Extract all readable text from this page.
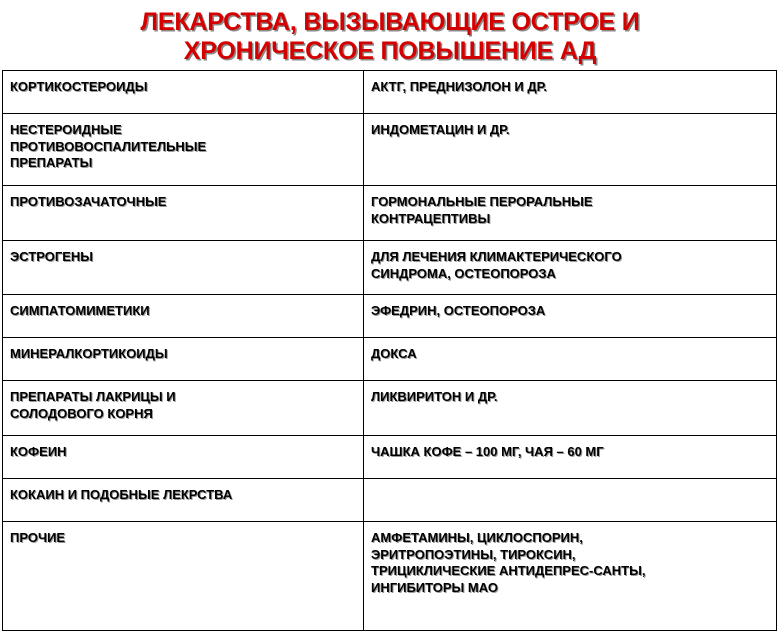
ЛЕКАРСТВА, ВЫЗЫВАЮЩИЕ ОСТРОЕ И
ХРОНИЧЕСКОЕ ПОВЫШЕНИЕ АД
КОРТИКОСТЕРОИДЫ	АКТГ, ПРЕДНИЗОЛОН И ДР.

НЕСТЕРОИДНЫЕ
ПРОТИВОВОСПАЛИТЕЛЬНЫЕ
ПРЕПАРАТЫ	ИНДОМЕТАЦИН И ДР.

ПРОТИВОЗАЧАТОЧНЫЕ	ГОРМОНАЛЬНЫЕ ПЕРОРАЛЬНЫЕ
КОНТРАЦЕПТИВЫ

ЭСТРОГЕНЫ	ДЛЯ ЛЕЧЕНИЯ КЛИМАКТЕРИЧЕСКОГО
СИНДРОМА, ОСТЕОПОРОЗА

СИМПАТОМИМЕТИКИ	ЭФЕДРИН, ОСТЕОПОРОЗА

МИНЕРАЛКОРТИКОИДЫ	ДОКСА

ПРЕПАРАТЫ ЛАКРИЦЫ И
СОЛОДОВОГО КОРНЯ	ЛИКВИРИТОН И ДР.

КОФЕИН	ЧАШКА КОФЕ – 100 МГ, ЧАЯ – 60 МГ

КОКАИН И ПОДОБНЫЕ ЛЕКРСТВА	

ПРОЧИЕ	АМФЕТАМИНЫ, ЦИКЛОСПОРИН,
ЭРИТРОПОЭТИНЫ, ТИРОКСИН,
ТРИЦИКЛИЧЕСКИЕ АНТИДЕПРЕС-САНТЫ,
ИНГИБИТОРЫ МАО
